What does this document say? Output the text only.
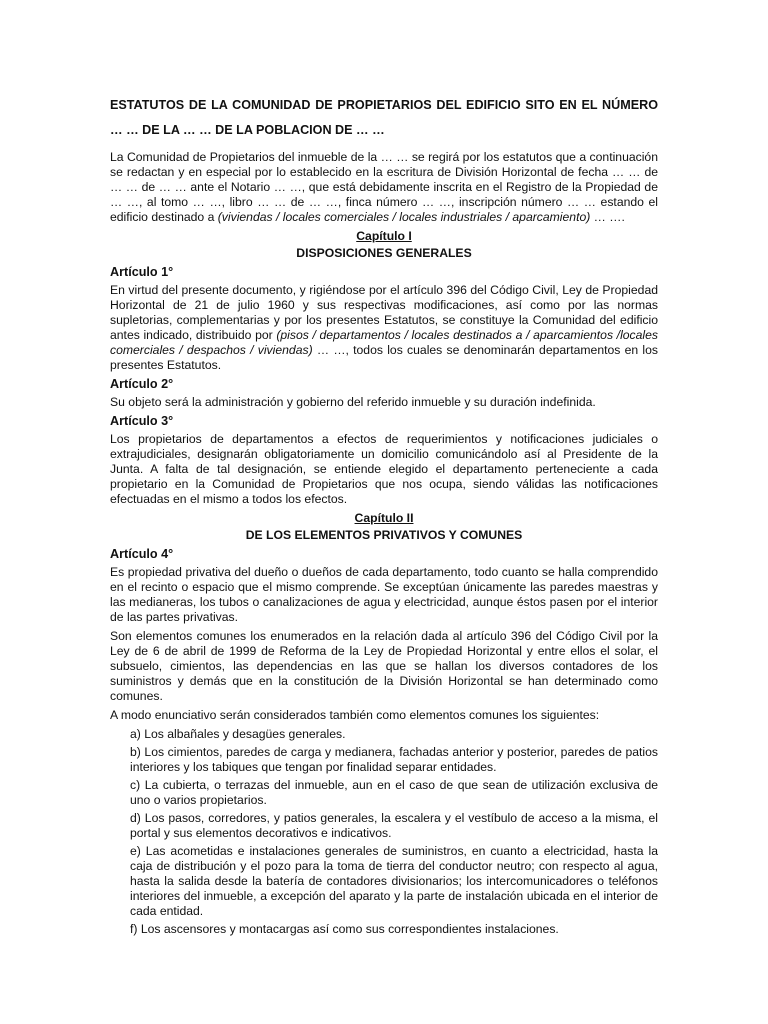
ESTATUTOS DE LA COMUNIDAD DE PROPIETARIOS DEL EDIFICIO SITO EN EL NÚMERO … … DE LA … … DE LA POBLACION DE … …

La Comunidad de Propietarios del inmueble de la … … se regirá por los estatutos que a continuación se redactan y en especial por lo establecido en la escritura de División Horizontal de fecha … … de … … de … … ante el Notario … …, que está debidamente inscrita en el Registro de la Propiedad de … …, al tomo … …, libro … … de … …, finca número … …, inscripción número … … estando el edificio destinado a (viviendas / locales comerciales / locales industriales / aparcamiento) … ….

Capítulo I
DISPOSICIONES GENERALES
Artículo 1°

En virtud del presente documento, y rigiéndose por el artículo 396 del Código Civil, Ley de Propiedad Horizontal de 21 de julio 1960 y sus respectivas modificaciones, así como por las normas supletorias, complementarias y por los presentes Estatutos, se constituye la Comunidad del edificio antes indicado, distribuido por (pisos / departamentos / locales destinados a / aparcamientos /locales comerciales / despachos / viviendas) … …, todos los cuales se denominarán departamentos en los presentes Estatutos.

Artículo 2°

Su objeto será la administración y gobierno del referido inmueble y su duración indefinida.

Artículo 3°

Los propietarios de departamentos a efectos de requerimientos y notificaciones judiciales o extrajudiciales, designarán obligatoriamente un domicilio comunicándolo así al Presidente de la Junta. A falta de tal designación, se entiende elegido el departamento perteneciente a cada propietario en la Comunidad de Propietarios que nos ocupa, siendo válidas las notificaciones efectuadas en el mismo a todos los efectos.

Capítulo II
DE LOS ELEMENTOS PRIVATIVOS Y COMUNES
Artículo 4°

Es propiedad privativa del dueño o dueños de cada departamento, todo cuanto se halla comprendido en el recinto o espacio que el mismo comprende. Se exceptúan únicamente las paredes maestras y las medianeras, los tubos o canalizaciones de agua y electricidad, aunque éstos pasen por el interior de las partes privativas.

Son elementos comunes los enumerados en la relación dada al artículo 396 del Código Civil por la Ley de 6 de abril de 1999 de Reforma de la Ley de Propiedad Horizontal y entre ellos el solar, el subsuelo, cimientos, las dependencias en las que se hallan los diversos contadores de los suministros y demás que en la constitución de la División Horizontal se han determinado como comunes.

A modo enunciativo serán considerados también como elementos comunes los siguientes:

a) Los albañales y desagües generales.
b) Los cimientos, paredes de carga y medianera, fachadas anterior y posterior, paredes de patios interiores y los tabiques que tengan por finalidad separar entidades.
c) La cubierta, o terrazas del inmueble, aun en el caso de que sean de utilización exclusiva de uno o varios propietarios.
d) Los pasos, corredores, y patios generales, la escalera y el vestíbulo de acceso a la misma, el portal y sus elementos decorativos e indicativos.
e) Las acometidas e instalaciones generales de suministros, en cuanto a electricidad, hasta la caja de distribución y el pozo para la toma de tierra del conductor neutro; con respecto al agua, hasta la salida desde la batería de contadores divisionarios; los intercomunicadores o teléfonos interiores del inmueble, a excepción del aparato y la parte de instalación ubicada en el interior de cada entidad.
f) Los ascensores y montacargas así como sus correspondientes instalaciones.
